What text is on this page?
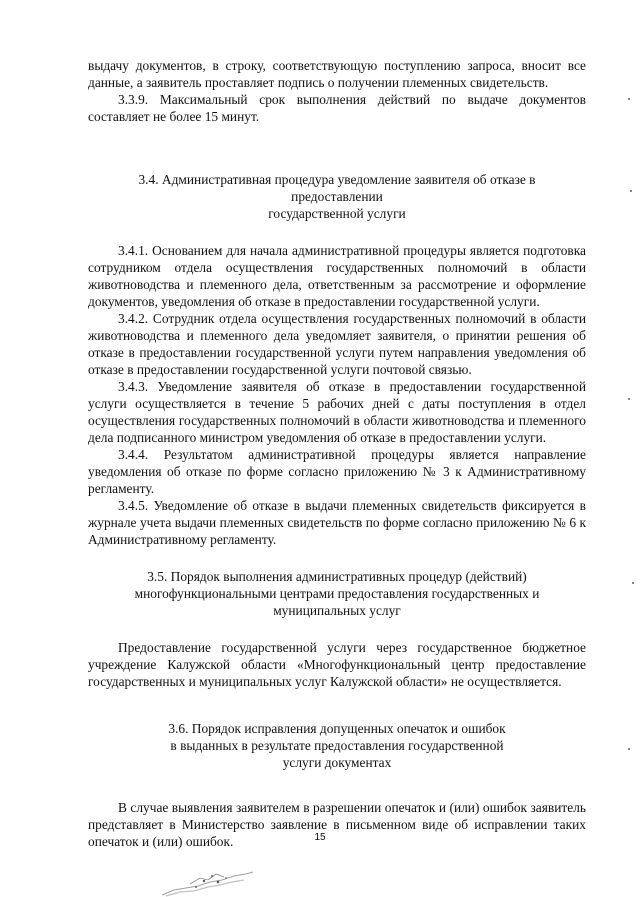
выдачу документов, в строку, соответствующую поступлению запроса, вносит все данные, а заявитель проставляет подпись о получении племенных свидетельств.

3.3.9. Максимальный срок выполнения действий по выдаче документов составляет не более 15 минут.

3.4. Административная процедура уведомление заявителя об отказе в

предоставлении

государственной услуги

3.4.1. Основанием для начала административной процедуры является подготовка сотрудником отдела осуществления государственных полномочий в области животноводства и племенного дела, ответственным за рассмотрение и оформление документов, уведомления об отказе в предоставлении государственной услуги.

3.4.2. Сотрудник отдела осуществления государственных полномочий в области животноводства и племенного дела уведомляет заявителя, о принятии решения об отказе в предоставлении государственной услуги путем направления уведомления об отказе в предоставлении государственной услуги почтовой связью.

3.4.3. Уведомление заявителя об отказе в предоставлении государственной услуги осуществляется в течение 5 рабочих дней с даты поступления в отдел осуществления государственных полномочий в области животноводства и племенного дела подписанного министром уведомления об отказе в предоставлении услуги.

3.4.4. Результатом административной процедуры является направление уведомления об отказе по форме согласно приложению № 3 к Административному регламенту.

3.4.5. Уведомление об отказе в выдачи племенных свидетельств фиксируется в журнале учета выдачи племенных свидетельств по форме согласно приложению № 6 к Административному регламенту.

3.5. Порядок выполнения административных процедур (действий)

многофункциональными центрами предоставления государственных и

муниципальных услуг

Предоставление государственной услуги через государственное бюджетное учреждение Калужской области «Многофункциональный центр предоставление государственных и муниципальных услуг Калужской области» не осуществляется.

3.6. Порядок исправления допущенных опечаток и ошибок

в выданных в результате предоставления государственной

услуги документах

В случае выявления заявителем в разрешении опечаток и (или) ошибок заявитель представляет в Министерство заявление в письменном виде об исправлении таких опечаток и (или) ошибок.	15
